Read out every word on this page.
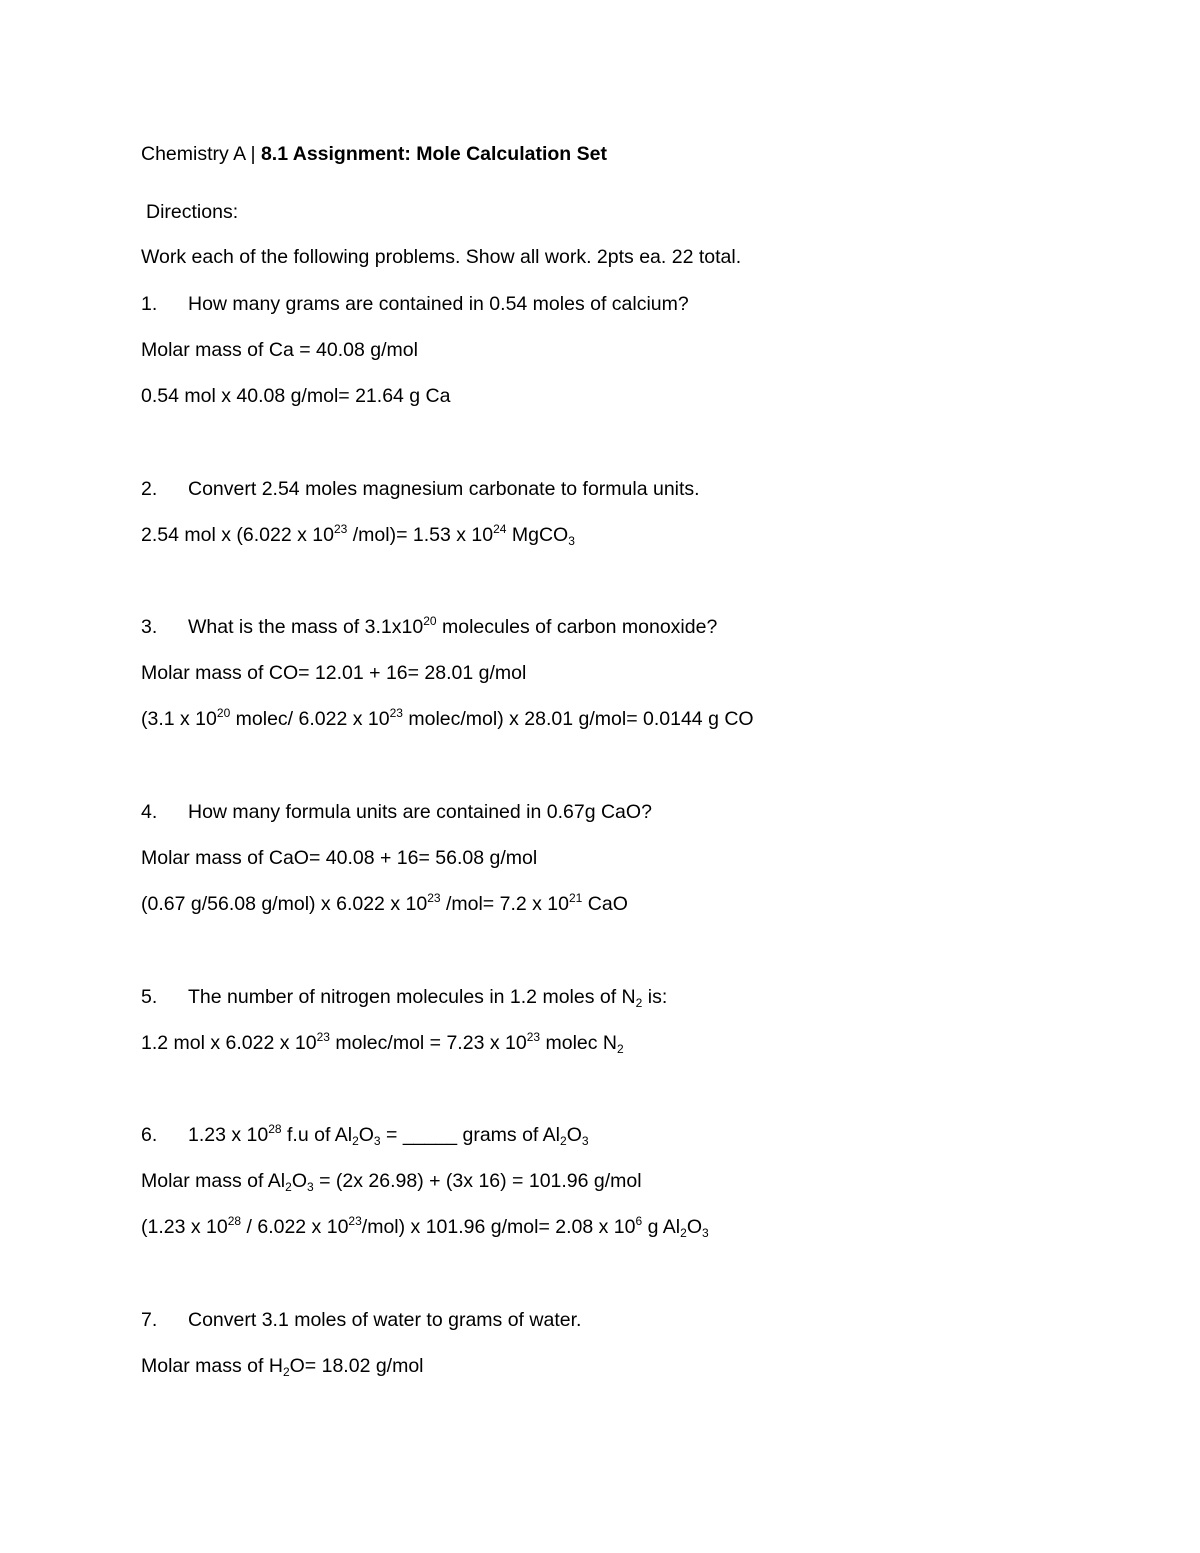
Chemistry A | 8.1 Assignment: Mole Calculation Set
Directions:
Work each of the following problems. Show all work. 2pts ea. 22 total.
1. How many grams are contained in 0.54 moles of calcium?
Molar mass of Ca = 40.08 g/mol
0.54 mol x 40.08 g/mol= 21.64 g Ca
2. Convert 2.54 moles magnesium carbonate to formula units.
2.54 mol x (6.022 x $10^{23}$ /mol)= 1.53 x $10^{24}$ MgCO$_3$
3. What is the mass of $3.1x10^{20}$ molecules of carbon monoxide?
Molar mass of CO= 12.01 + 16= 28.01 g/mol
(3.1 x $10^{20}$ molec/ 6.022 x $10^{23}$ molec/mol) x 28.01 g/mol= 0.0144 g CO
4. How many formula units are contained in 0.67g CaO?
Molar mass of CaO= 40.08 + 16= 56.08 g/mol
(0.67 g/56.08 g/mol) x 6.022 x $10^{23}$ /mol= 7.2 x $10^{21}$ CaO
5. The number of nitrogen molecules in 1.2 moles of $N_2$ is:
1.2 mol x 6.022 x $10^{23}$ molec/mol = 7.23 x $10^{23}$ molec $N_2$
6. 1.23 x $10^{28}$ f.u of $Al_2O_3$ = _____ grams of $Al_2O_3$
Molar mass of $Al_2O_3 = (2x$ 26.98) + (3x 16) = 101.96 g/mol
(1.23 x $10^{28} / 6.022$ x $10^{23}/mol$) x 101.96 g/mol= 2.08 x $10^6$ g $Al_2O_3$
7. Convert 3.1 moles of water to grams of water.
Molar mass of $H_2O= 18.02$ g/mol
